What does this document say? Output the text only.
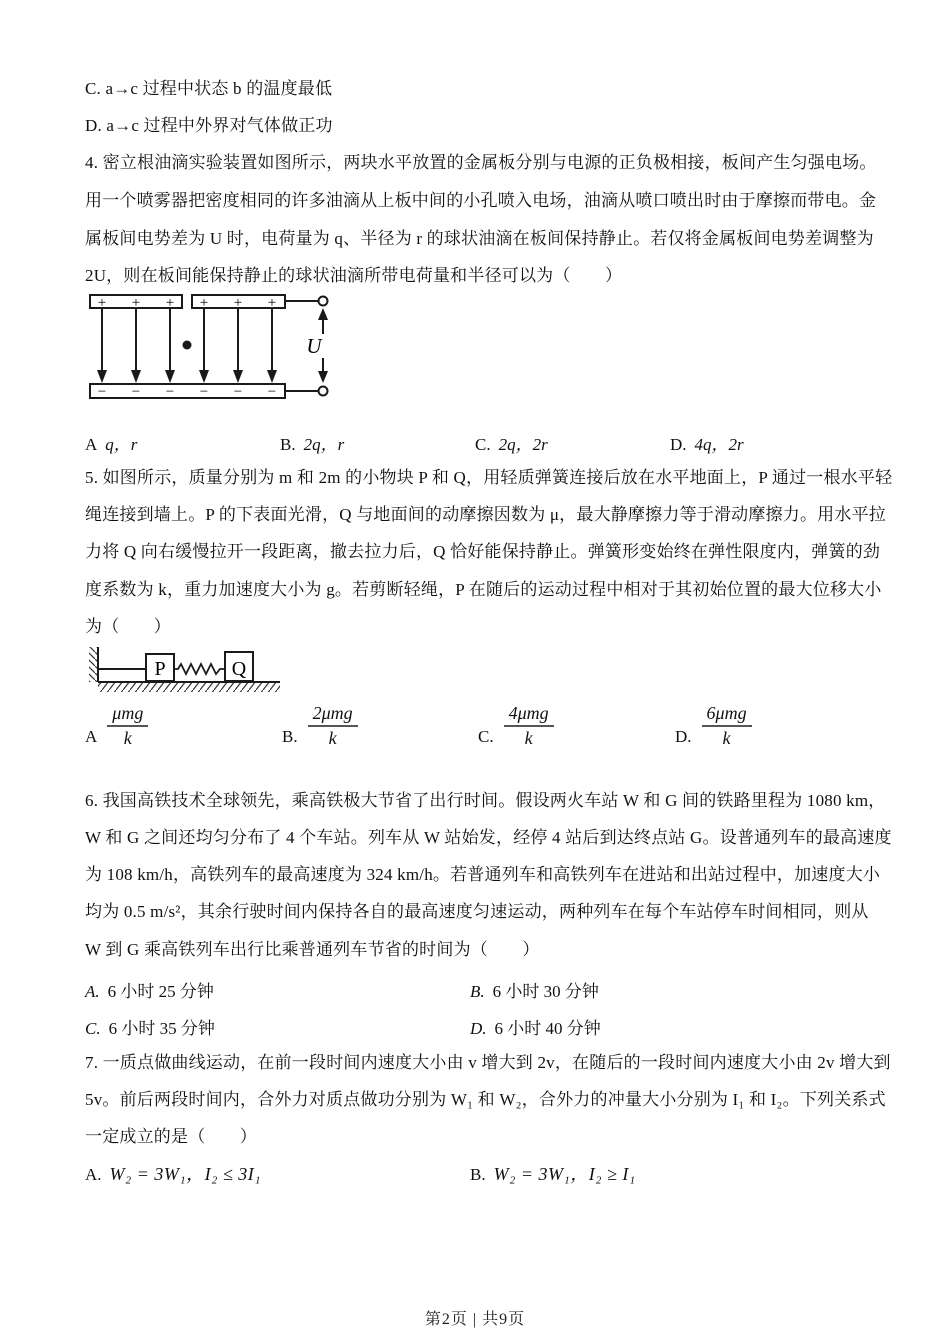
C. a→c 过程中状态 b 的温度最低
D. a→c 过程中外界对气体做正功
4. 密立根油滴实验装置如图所示，两块水平放置的金属板分别与电源的正负极相接，板间产生匀强电场。
用一个喷雾器把密度相同的许多油滴从上板中间的小孔喷入电场，油滴从喷口喷出时由于摩擦而带电。金
属板间电势差为 U 时，电荷量为 q、半径为 r 的球状油滴在板间保持静止。若仅将金属板间电势差调整为
2U，则在板间能保持静止的球状油滴所带电荷量和半径可以为（　　）
+ + + + + +
− − − − − −
U
A q，r	B. 2q，r	C. 2q，2r	D. 4q，2r
5. 如图所示，质量分别为 m 和 2m 的小物块 P 和 Q，用轻质弹簧连接后放在水平地面上，P 通过一根水平轻
绳连接到墙上。P 的下表面光滑，Q 与地面间的动摩擦因数为 μ，最大静摩擦力等于滑动摩擦力。用水平拉
力将 Q 向右缓慢拉开一段距离，撤去拉力后，Q 恰好能保持静止。弹簧形变始终在弹性限度内，弹簧的劲
度系数为 k，重力加速度大小为 g。若剪断轻绳，P 在随后的运动过程中相对于其初始位置的最大位移大小
为（　　）
P	Q
A $\frac{\text{μmg}}{k}$	B. $\frac{\text{2μmg}}{k}$	C. $\frac{\text{4μmg}}{k}$	D. $\frac{\text{6μmg}}{k}$
6. 我国高铁技术全球领先，乘高铁极大节省了出行时间。假设两火车站 W 和 G 间的铁路里程为 1080 km，
W 和 G 之间还均匀分布了 4 个车站。列车从 W 站始发，经停 4 站后到达终点站 G。设普通列车的最高速度
为 108 km/h，高铁列车的最高速度为 324 km/h。若普通列车和高铁列车在进站和出站过程中，加速度大小
均为 0.5 m/s²，其余行驶时间内保持各自的最高速度匀速运动，两种列车在每个车站停车时间相同，则从
W 到 G 乘高铁列车出行比乘普通列车节省的时间为（　　）
A. 6 小时 25 分钟	B. 6 小时 30 分钟
C. 6 小时 35 分钟	D. 6 小时 40 分钟
7. 一质点做曲线运动，在前一段时间内速度大小由 v 增大到 2v，在随后的一段时间内速度大小由 2v 增大到
5v。前后两段时间内，合外力对质点做功分别为 W₁ 和 W₂，合外力的冲量大小分别为 I₁ 和 I₂。下列关系式
一定成立的是（　　）
A. W₂ = 3W₁，I₂ ≤ 3I₁	B. W₂ = 3W₁，I₂ ≥ I₁
第2页 | 共9页
